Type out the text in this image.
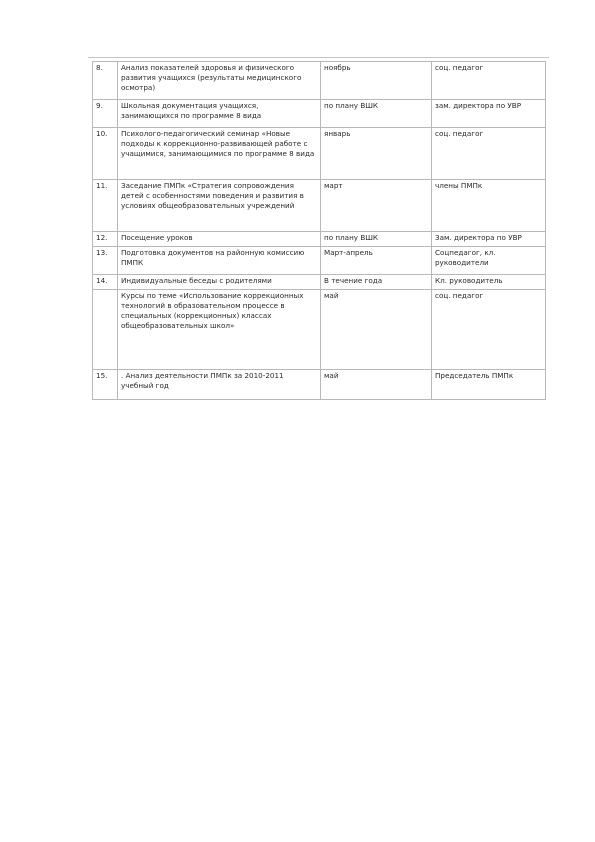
8.	Анализ показателей здоровья и физического развития учащихся (результаты медицинского осмотра)	ноябрь	соц. педагог
9.	Школьная документация учащихся, занимающихся по программе 8 вида	по плану ВШК	зам. директора по УВР
10.	Психолого-педагогический семинар «Новые подходы к коррекционно-развивающей работе с учащимися, занимающимися по программе 8 вида	январь	соц. педагог
11.	Заседание ПМПк «Стратегия сопровождения детей с особенностями поведения и развития в условиях общеобразовательных учреждений	март	члены ПМПк
12.	Посещение уроков	по плану ВШК	Зам. директора по УВР
13.	Подготовка документов на районную комиссию ПМПК	Март-апрель	Соцпедагог, кл. руководители
14.	Индивидуальные беседы с родителями	В течение года	Кл. руководитель
	Курсы по теме «Использование коррекционных технологий в образовательном процессе в специальных (коррекционных) классах общеобразовательных школ»	май	соц. педагог
15.	. Анализ деятельности ПМПк за 2010-2011 учебный год	май	Председатель ПМПк
